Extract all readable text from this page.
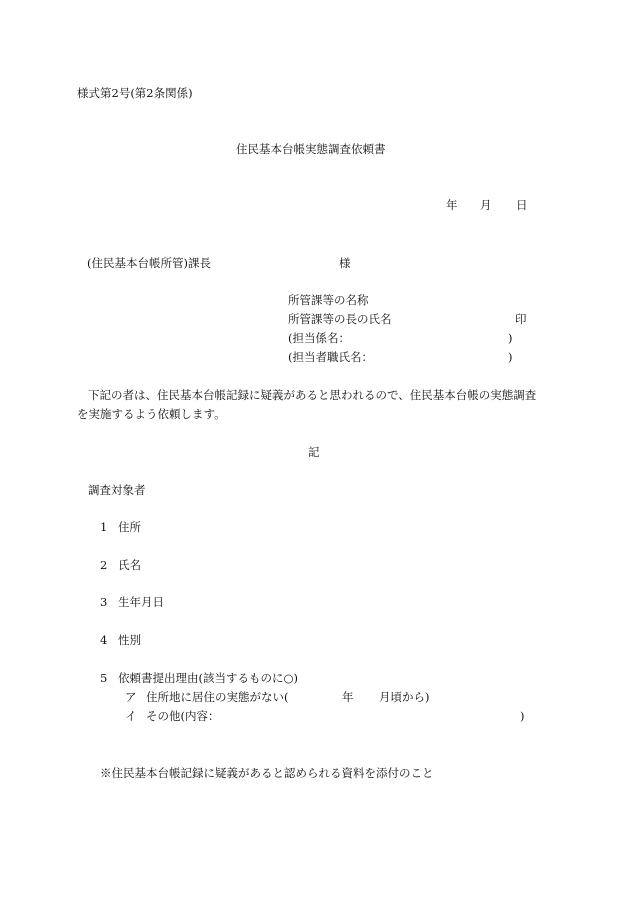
様式第2号(第2条関係)
住民基本台帳実態調査依頼書
年 月 日
(住民基本台帳所管)課長	様
所管課等の名称
所管課等の長の氏名	印
(担当係名：	)
(担当者職氏名：	)
下記の者は、住民基本台帳記録に疑義があると思われるので、住民基本台帳の実態調査
を実施するよう依頼します。
記
調査対象者
1 住所
2 氏名
3 生年月日
4 性別
5 依頼書提出理由(該当するものに○)
ア 住所地に居住の実態がない(	年 月頃から)
イ その他(内容：	)
※住民基本台帳記録に疑義があると認められる資料を添付のこと
